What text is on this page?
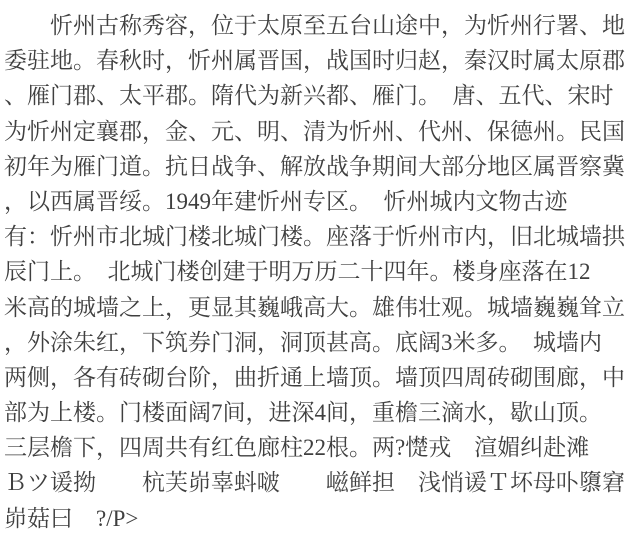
　　忻州古称秀容，位于太原至五台山途中，为忻州行署、地
委驻地。春秋时，忻州属晋国，战国时归赵，秦汉时属太原郡
、雁门郡、太平郡。隋代为新兴都、雁门。　唐、五代、宋时
为忻州定襄郡，金、元、明、清为忻州、代州、保德州。民国
初年为雁门道。抗日战争、解放战争期间大部分地区属晋察冀
，以西属晋绥。1949年建忻州专区。　忻州城内文物古迹
有：忻州市北城门楼北城门楼。座落于忻州市内，旧北城墙拱
辰门上。　北城门楼创建于明万历二十四年。楼身座落在12
米高的城墙之上，更显其巍峨高大。雄伟壮观。城墙巍巍耸立
，外涂朱红，下筑券门洞，洞顶甚高。底阔3米多。　城墙内
两侧，各有砖砌台阶，曲折通上墙顶。墙顶四周砖砌围廊，中
部为上楼。门楼面阔7间，进深4间，重檐三滴水，歇山顶。
三层檐下，四周共有红色廊柱22根。两?憷戎　渲媚纠赴滩
Ｂツ谖拗　　杭芙峁辜蚪啵　　嵫鲜担　浅悄谖Ｔ坏母卟隳窘
峁菇曰　?/P>
